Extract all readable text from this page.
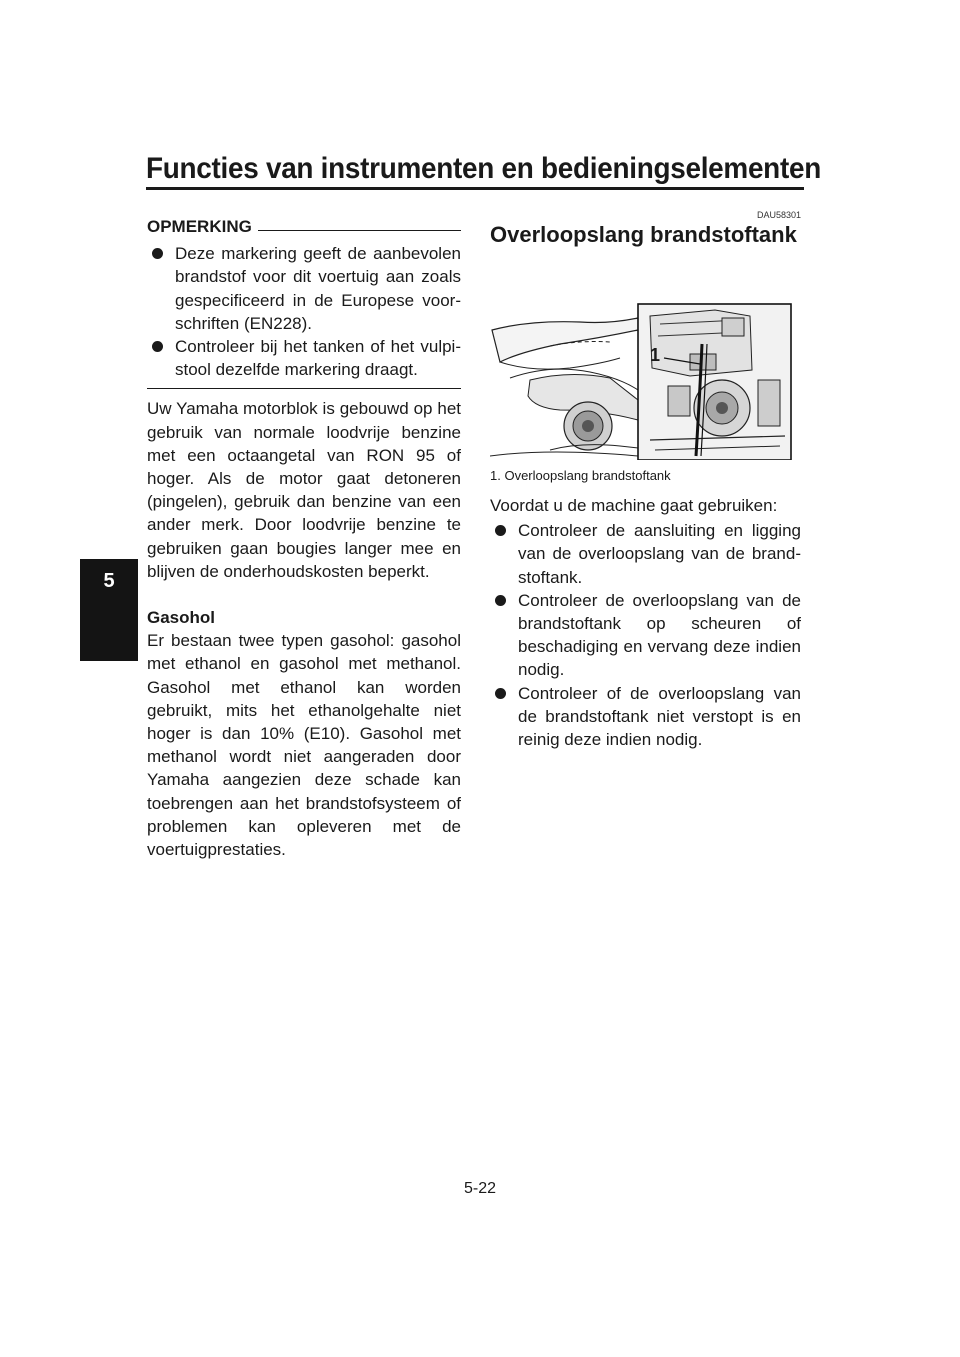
Functies van instrumenten en bedieningselementen
5
OPMERKING
Deze markering geeft de aanbevolen brandstof voor dit voertuig aan zoals gespecificeerd in de Europese voorschriften (EN228).
Controleer bij het tanken of het vulpistool dezelfde markering draagt.

Uw Yamaha motorblok is gebouwd op het gebruik van normale loodvrije benzine met een octaangetal van RON 95 of hoger. Als de motor gaat detoneren (pingelen), gebruik dan benzine van een ander merk. Door loodvrije benzine te gebruiken gaan bougies langer mee en blijven de onderhoudskosten beperkt.

Gasohol

Er bestaan twee typen gasohol: gasohol met ethanol en gasohol met methanol. Gasohol met ethanol kan worden gebruikt, mits het ethanolgehalte niet hoger is dan 10% (E10). Gasohol met methanol wordt niet aangeraden door Yamaha aangezien deze schade kan toebrengen aan het brandstofsysteem of problemen kan opleveren met de voertuigprestaties.

DAU58301
Overloopslang brandstoftank
1
1. Overloopslang brandstoftank

Voordat u de machine gaat gebruiken:

Controleer de aansluiting en ligging van de overloopslang van de brandstoftank.
Controleer de overloopslang van de brandstoftank op scheuren of beschadiging en vervang deze indien nodig.
Controleer of de overloopslang van de brandstoftank niet verstopt is en reinig deze indien nodig.
5-22
